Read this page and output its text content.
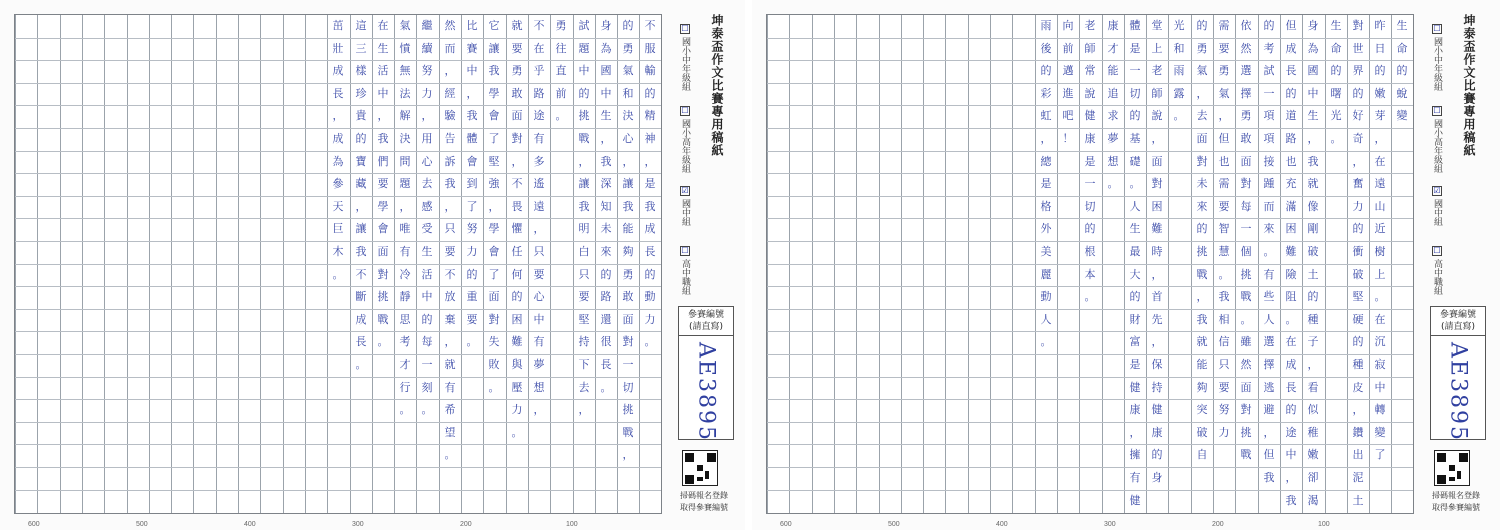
不
服
輸
的
精
神
，
是
我
成
長
的
動
力
。
的
勇
氣
和
決
心
，
讓
我
能
夠
勇
敢
面
對
一
切
挑
戰
，
身
為
國
中
生
，
我
深
知
未
來
的
路
還
很
長
。
試
題
中
的
挑
戰
，
讓
我
明
白
只
要
堅
持
下
去
，
勇
往
直
前
。
不
在
乎
路
途
有
多
遙
遠
，
只
要
心
中
有
夢
想
，
就
要
勇
敢
面
對
，
不
畏
懼
任
何
的
困
難
與
壓
力
。
它
讓
我
學
會
了
堅
強
，
學
會
了
面
對
失
敗
。
比
賽
中
，
我
體
會
到
了
努
力
的
重
要
。
然
而
，
經
驗
告
訴
我
，
只
要
不
放
棄
，
就
有
希
望
。
繼
續
努
力
，
用
心
去
感
受
生
活
中
的
每
一
刻
。
氣
憤
無
法
解
決
問
題
，
唯
有
冷
靜
思
考
才
行
。
在
生
活
中
，
我
們
要
學
會
面
對
挑
戰
。
這
三
樣
珍
貴
的
寶
藏
，
讓
我
不
斷
成
長
。
茁
壯
成
長
，
成
為
參
天
巨
木
。
坤泰盃作文比賽專用稿紙
☐國小中年級組
☐國小高年級組
☑國中組
☐高中職組
參賽編號
(請直寫)
AE3895
掃碼報名登錄
取得參賽編號
600	500	400	300	200	100
生
命
的
蛻
變
昨
日
的
嫩
芽
，
在
遠
山
近
樹
上
。
在
沉
寂
中
轉
變
了
對
世
界
的
好
奇
，
奮
力
的
衝
破
堅
硬
的
種
皮
，
鑽
出
泥
土
生
命
的
曙
光
。
身
為
國
中
生
，
我
就
像
剛
破
土
的
種
子
，
看
似
稚
嫩
卻
渴
但
成
長
的
道
路
也
充
滿
困
難
險
阻
。
在
成
長
的
途
中
，
我
的
考
試
一
項
項
接
踵
而
來
。
有
些
人
選
擇
逃
避
，
但
我
依
然
選
擇
勇
敢
面
對
每
一
個
挑
戰
。
雖
然
面
對
挑
戰
需
要
勇
氣
，
但
也
需
要
智
慧
。
我
相
信
只
要
努
力
的
勇
氣
，
去
面
對
未
來
的
挑
戰
，
我
就
能
夠
突
破
自
光
和
雨
露
。
堂
上
老
師
說
，
面
對
困
難
時
，
首
先
，
保
持
健
康
的
身
體
是
一
切
的
基
礎
。
人
生
最
大
的
財
富
是
健
康
，
擁
有
健
康
才
能
追
求
夢
想
。
老
師
常
說
健
康
是
一
切
的
根
本
。
向
前
邁
進
吧
！
雨
後
的
彩
虹
，
總
是
格
外
美
麗
動
人
。
坤泰盃作文比賽專用稿紙
☐國小中年級組
☐國小高年級組
☑國中組
☐高中職組
參賽編號
(請直寫)
AE3895
掃碼報名登錄
取得參賽編號
600	500	400	300	200	100
